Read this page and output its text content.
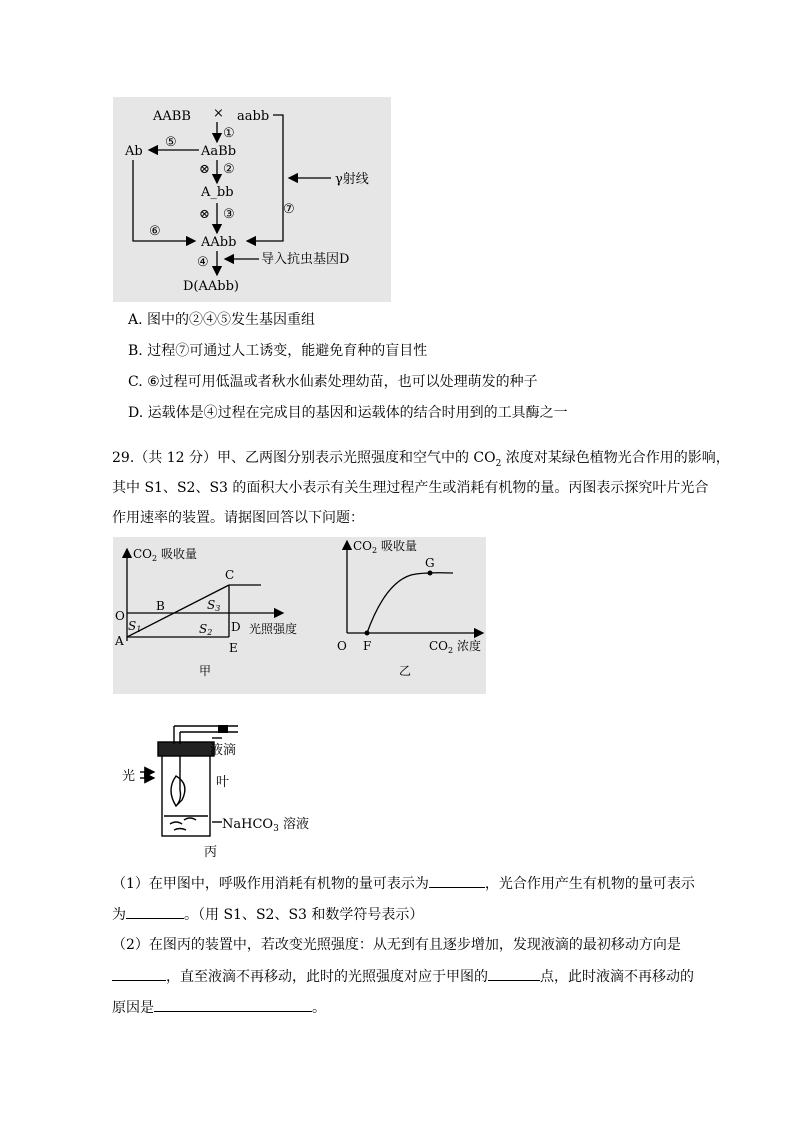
AABB × aabb
①
⑤
Ab	AaBb
⊗ ②
A_bb
⊗ ③
⑥
AAbb
⑦
γ射线
④	导入抗虫基因D
D(AAbb)
A. 图中的②④⑤发生基因重组
B. 过程⑦可通过人工诱变，能避免育种的盲目性
C. ⑥过程可用低温或者秋水仙素处理幼苗，也可以处理萌发的种子
D. 运载体是④过程在完成目的基因和运载体的结合时用到的工具酶之一
29.（共 12 分）甲、乙两图分别表示光照强度和空气中的 $CO_2$ 浓度对某绿色植物光合作用的影响，
其中 S1、S2、S3 的面积大小表示有关生理过程产生或消耗有机物的量。丙图表示探究叶片光合
作用速率的装置。请据图回答以下问题：
$CO_2$ 吸收量
O
A
B
C
D
E
S1	S2
S3
光照强度
甲
$CO_2$ 吸收量
G
O F	$CO_2$ 浓度
乙
液滴
叶
光
NaHCO$_3$ 溶液
丙
（1）在甲图中，呼吸作用消耗有机物的量可表示为	，光合作用产生有机物的量可表示
为	。（用 S1、S2、S3 和数学符号表示）
（2）在图丙的装置中，若改变光照强度：从无到有且逐步增加，发现液滴的最初移动方向是
，直至液滴不再移动，此时的光照强度对应于甲图的	点，此时液滴不再移动的
原因是	。
